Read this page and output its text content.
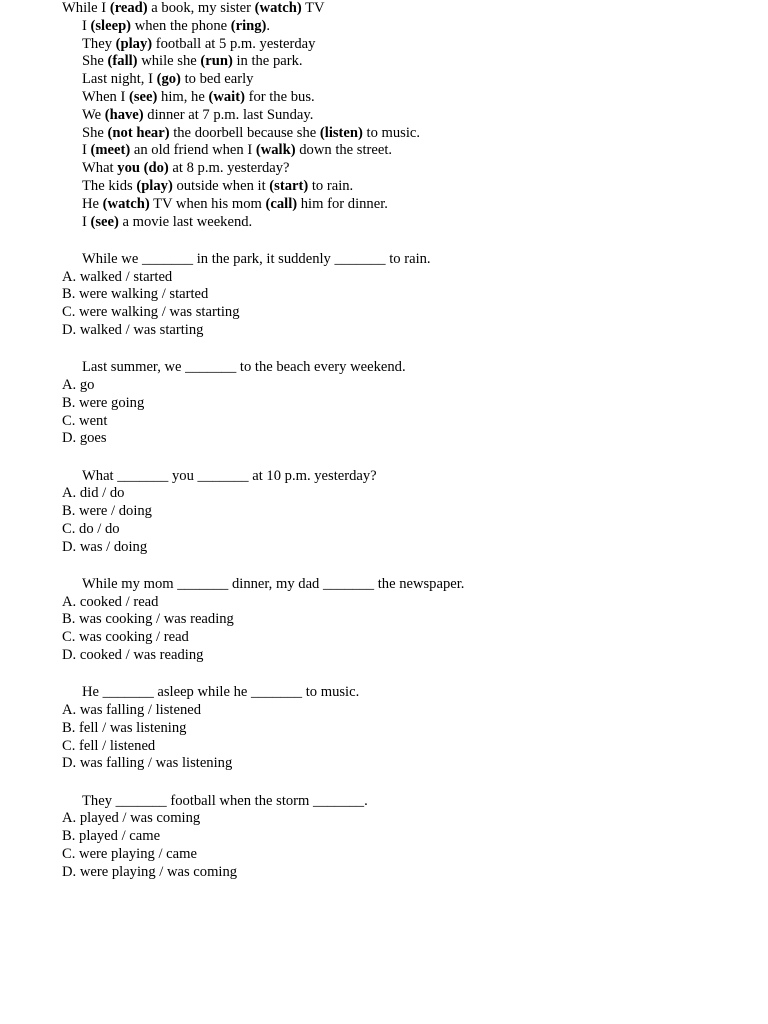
While I (read) a book, my sister (watch) TV
I (sleep) when the phone (ring).
They (play) football at 5 p.m. yesterday
She (fall) while she (run) in the park.
Last night, I (go) to bed early
When I (see) him, he (wait) for the bus.
We (have) dinner at 7 p.m. last Sunday.
She (not hear) the doorbell because she (listen) to music.
I (meet) an old friend when I (walk) down the street.
What you (do) at 8 p.m. yesterday?
The kids (play) outside when it (start) to rain.
He (watch) TV when his mom (call) him for dinner.
I (see) a movie last weekend.
While we _______ in the park, it suddenly _______ to rain.
A. walked / started
B. were walking / started
C. were walking / was starting
D. walked / was starting
Last summer, we _______ to the beach every weekend.
A. go
B. were going
C. went
D. goes
What _______ you _______ at 10 p.m. yesterday?
A. did / do
B. were / doing
C. do / do
D. was / doing
While my mom _______ dinner, my dad _______ the newspaper.
A. cooked / read
B. was cooking / was reading
C. was cooking / read
D. cooked / was reading
He _______ asleep while he _______ to music.
A. was falling / listened
B. fell / was listening
C. fell / listened
D. was falling / was listening
They _______ football when the storm _______.
A. played / was coming
B. played / came
C. were playing / came
D. were playing / was coming
